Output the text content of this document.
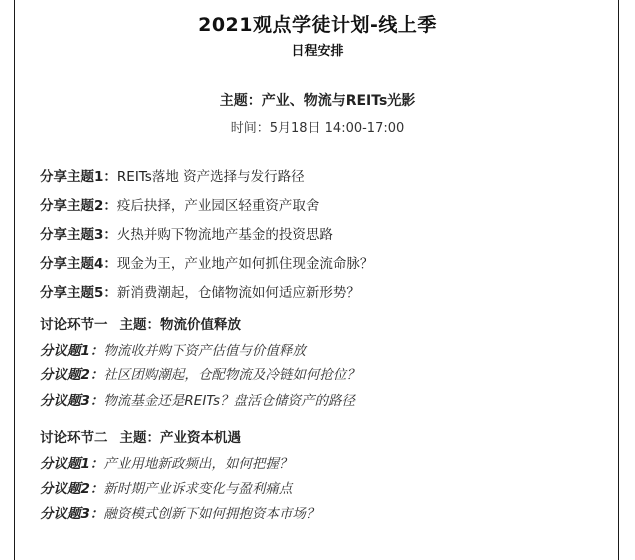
2021观点学徒计划-线上季
日程安排
主题：产业、物流与REITs光影
时间：5月18日 14:00-17:00
分享主题1：REITs落地 资产选择与发行路径
分享主题2：疫后抉择，产业园区轻重资产取舍
分享主题3：火热并购下物流地产基金的投资思路
分享主题4：现金为王，产业地产如何抓住现金流命脉？
分享主题5：新消费潮起，仓储物流如何适应新形势？
讨论环节一 主题：物流价值释放
分议题1：物流收并购下资产估值与价值释放
分议题2：社区团购潮起，仓配物流及冷链如何抢位？
分议题3：物流基金还是REITs？盘活仓储资产的路径
讨论环节二 主题：产业资本机遇
分议题1：产业用地新政频出，如何把握？
分议题2：新时期产业诉求变化与盈利痛点
分议题3：融资模式创新下如何拥抱资本市场？
